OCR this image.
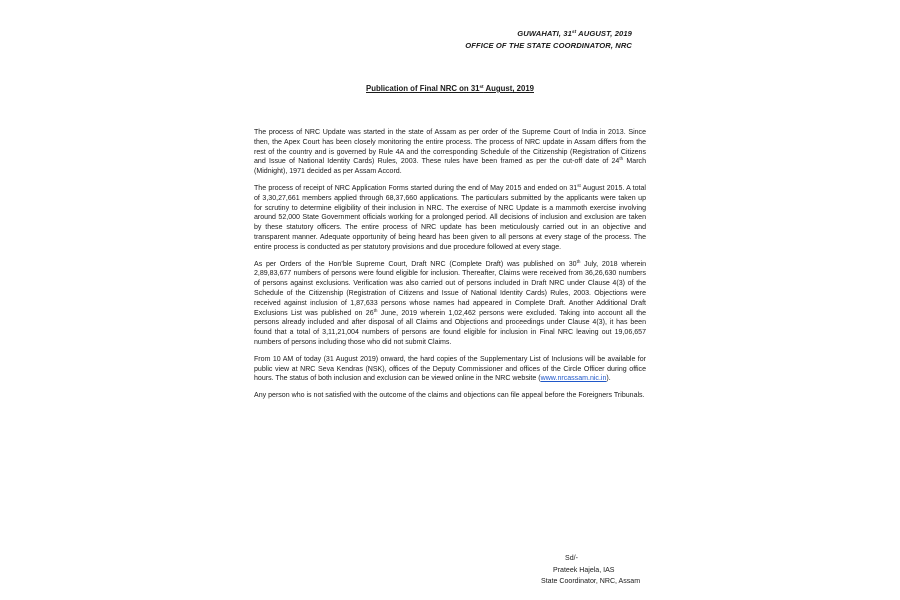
GUWAHATI, 31st AUGUST, 2019
OFFICE OF THE STATE COORDINATOR, NRC
Publication of Final NRC on 31st August, 2019

The process of NRC Update was started in the state of Assam as per order of the Supreme Court of India in 2013. Since then, the Apex Court has been closely monitoring the entire process. The process of NRC update in Assam differs from the rest of the country and is governed by Rule 4A and the corresponding Schedule of the Citizenship (Registration of Citizens and Issue of National Identity Cards) Rules, 2003. These rules have been framed as per the cut-off date of 24th March (Midnight), 1971 decided as per Assam Accord.

The process of receipt of NRC Application Forms started during the end of May 2015 and ended on 31st August 2015. A total of 3,30,27,661 members applied through 68,37,660 applications. The particulars submitted by the applicants were taken up for scrutiny to determine eligibility of their inclusion in NRC. The exercise of NRC Update is a mammoth exercise involving around 52,000 State Government officials working for a prolonged period. All decisions of inclusion and exclusion are taken by these statutory officers. The entire process of NRC update has been meticulously carried out in an objective and transparent manner. Adequate opportunity of being heard has been given to all persons at every stage of the process. The entire process is conducted as per statutory provisions and due procedure followed at every stage.

As per Orders of the Hon’ble Supreme Court, Draft NRC (Complete Draft) was published on 30th July, 2018 wherein 2,89,83,677 numbers of persons were found eligible for inclusion. Thereafter, Claims were received from 36,26,630 numbers of persons against exclusions. Verification was also carried out of persons included in Draft NRC under Clause 4(3) of the Schedule of the Citizenship (Registration of Citizens and Issue of National Identity Cards) Rules, 2003. Objections were received against inclusion of 1,87,633 persons whose names had appeared in Complete Draft. Another Additional Draft Exclusions List was published on 26th June, 2019 wherein 1,02,462 persons were excluded. Taking into account all the persons already included and after disposal of all Claims and Objections and proceedings under Clause 4(3), it has been found that a total of 3,11,21,004 numbers of persons are found eligible for inclusion in Final NRC leaving out 19,06,657 numbers of persons including those who did not submit Claims.

From 10 AM of today (31 August 2019) onward, the hard copies of the Supplementary List of Inclusions will be available for public view at NRC Seva Kendras (NSK), offices of the Deputy Commissioner and offices of the Circle Officer during office hours. The status of both inclusion and exclusion can be viewed online in the NRC website (www.nrcassam.nic.in).

Any person who is not satisfied with the outcome of the claims and objections can file appeal before the Foreigners Tribunals.

Sd/-
Prateek Hajela, IAS
State Coordinator, NRC, Assam
